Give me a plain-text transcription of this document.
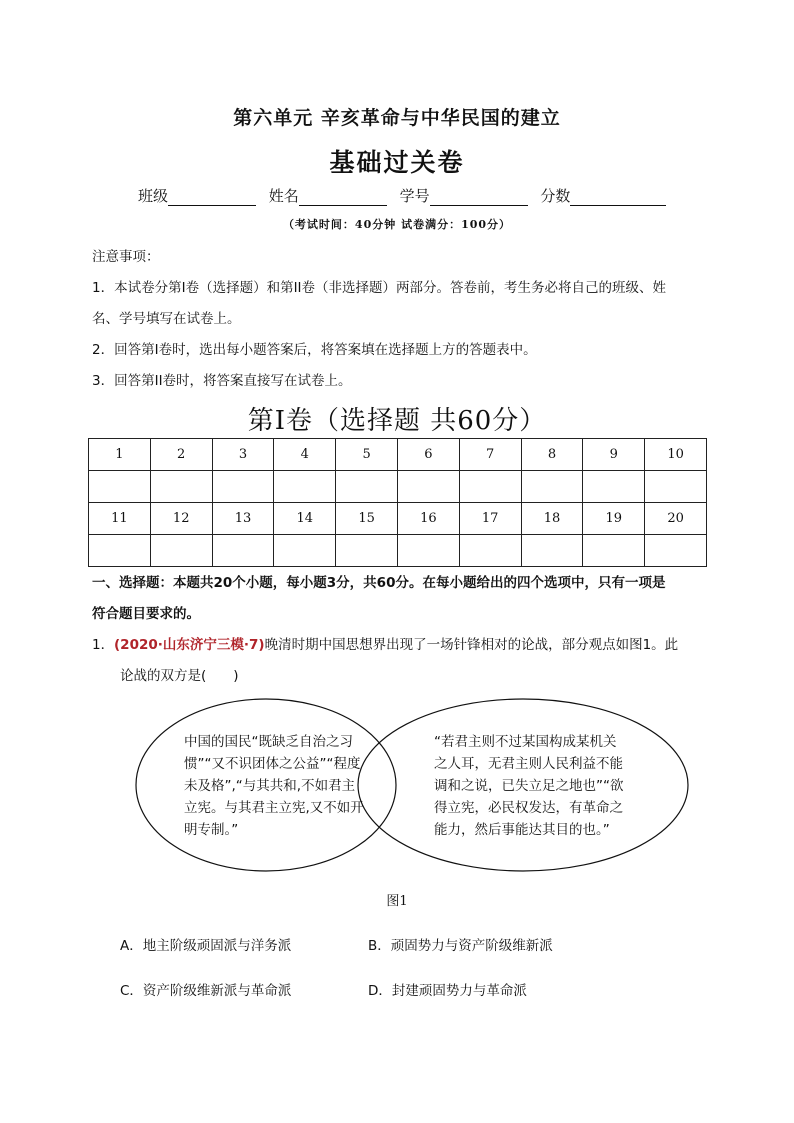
第六单元 辛亥革命与中华民国的建立
基础过关卷
班级	姓名	学号	分数
（考试时间：40分钟 试卷满分：100分）
注意事项：
1．本试卷分第I卷（选择题）和第II卷（非选择题）两部分。答卷前，考生务必将自己的班级、姓
名、学号填写在试卷上。
2．回答第I卷时，选出每小题答案后，将答案填在选择题上方的答题表中。
3．回答第II卷时，将答案直接写在试卷上。
第I卷（选择题 共60分）
1	2	3	4	5	6	7	8	9	10

11	12	13	14	15	16	17	18	19	20

一、选择题：本题共20个小题，每小题3分，共60分。在每小题给出的四个选项中，只有一项是
符合题目要求的。
1．(2020·山东济宁三模·7)晚清时期中国思想界出现了一场针锋相对的论战，部分观点如图1。此
论战的双方是(　　)
中国的国民“既缺乏自治之习
惯”“又不识团体之公益”“程度
未及格”,“与其共和,不如君主
立宪。与其君主立宪,又不如开
明专制。”
“若君主则不过某国构成某机关
之人耳，无君主则人民利益不能
调和之说，已失立足之地也”“欲
得立宪，必民权发达，有革命之
能力，然后事能达其目的也。”
图1
A．地主阶级顽固派与洋务派	B．顽固势力与资产阶级维新派
C．资产阶级维新派与革命派	D．封建顽固势力与革命派
